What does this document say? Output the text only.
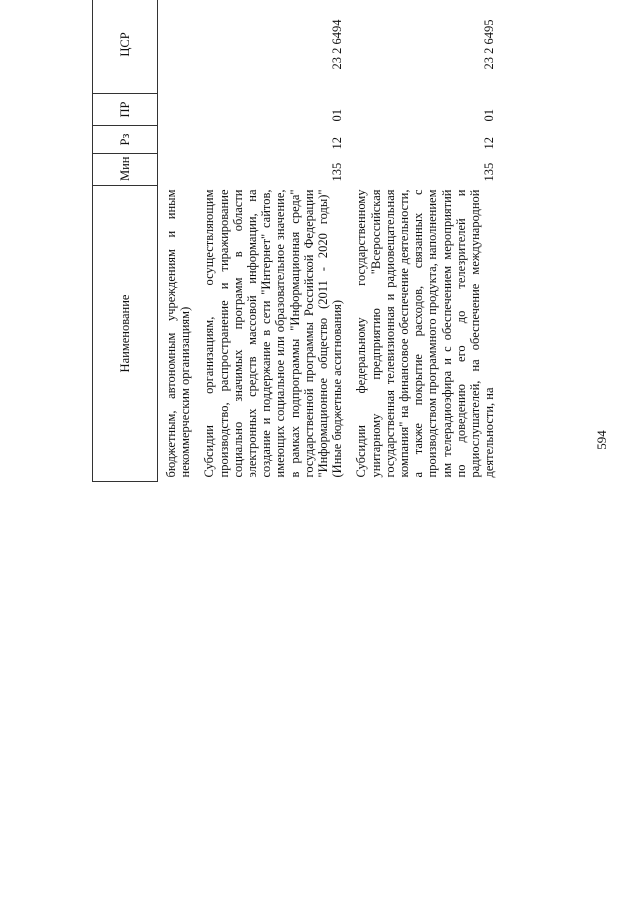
594
Наименование	Мин	Рз	ПР	ЦСР		

бюджетным, автономным учреждениям и иным некоммерческим организациям)							
Субсидии организациям, осуществляющим производство, распространение и тиражирование социально значимых программ в области электронных средств массовой информации, на создание и поддержание в сети "Интернет" сайтов, имеющих социальное или образовательное значение, в рамках подпрограммы "Информационная среда" государственной программы Российской Федерации "Информационное общество (2011 - 2020 годы)" (Иные бюджетные ассигнования)	135	12	01	23 2 6494			
Субсидии федеральному государственному унитарному предприятию "Всероссийская государственная телевизионная и радиовещательная компания" на финансовое обеспечение деятельности, а также покрытие расходов, связанных с производством программного продукта, наполнением им телерадиоэфира и с обеспечением мероприятий по доведению его до телезрителей и радиослушателей, на обеспечение международной деятельности, на	135	12	01	23 2 6495			
